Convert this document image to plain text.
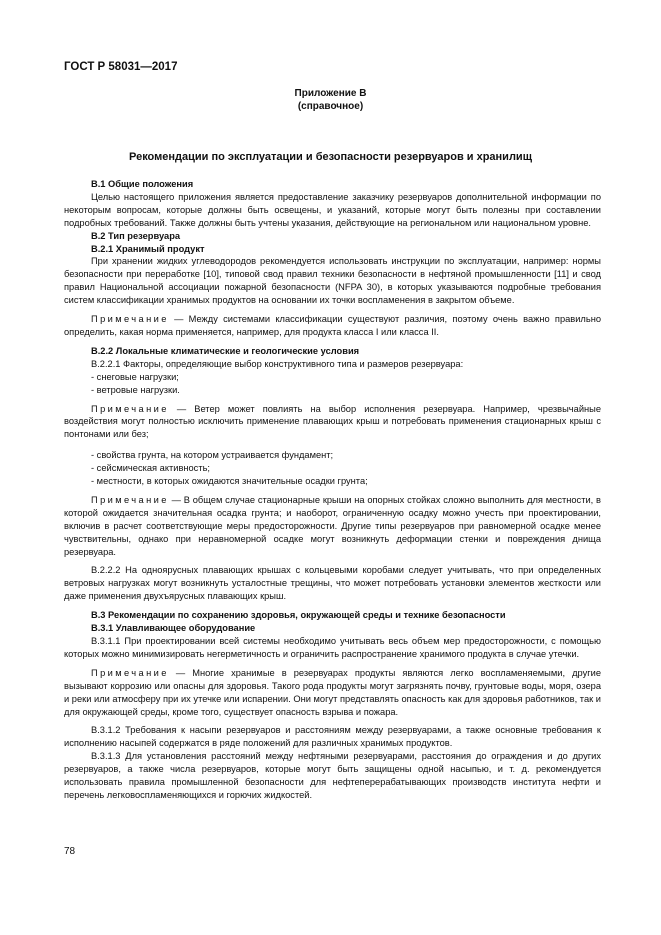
ГОСТ Р 58031—2017
Приложение В
(справочное)
Рекомендации по эксплуатации и безопасности резервуаров и хранилищ
В.1 Общие положения

Целью настоящего приложения является предоставление заказчику резервуаров дополнительной информации по некоторым вопросам, которые должны быть освещены, и указаний, которые могут быть полезны при составлении подробных требований. Также должны быть учтены указания, действующие на региональном или национальном уровне.

В.2 Тип резервуара
В.2.1 Хранимый продукт

При хранении жидких углеводородов рекомендуется использовать инструкции по эксплуатации, например: нормы безопасности при переработке [10], типовой свод правил техники безопасности в нефтяной промышленности [11] и свод правил Национальной ассоциации пожарной безопасности (NFPA 30), в которых указываются подробные требования систем классификации хранимых продуктов на основании их точки воспламенения в закрытом объеме.

Примечание — Между системами классификации существуют различия, поэтому очень важно правильно определить, какая норма применяется, например, для продукта класса I или класса II.

В.2.2 Локальные климатические и геологические условия

В.2.2.1 Факторы, определяющие выбор конструктивного типа и размеров резервуара:

- снеговые нагрузки;
- ветровые нагрузки.

Примечание — Ветер может повлиять на выбор исполнения резервуара. Например, чрезвычайные воздействия могут полностью исключить применение плавающих крыш и потребовать применения стационарных крыш с понтонами или без;

- свойства грунта, на котором устраивается фундамент;
- сейсмическая активность;
- местности, в которых ожидаются значительные осадки грунта;

Примечание — В общем случае стационарные крыши на опорных стойках сложно выполнить для местности, в которой ожидается значительная осадка грунта; и наоборот, ограниченную осадку можно учесть при проектировании, включив в расчет соответствующие меры предосторожности. Другие типы резервуаров при равномерной осадке менее чувствительны, однако при неравномерной осадке могут возникнуть деформации стенки и повреждения днища резервуара.

В.2.2.2 На одноярусных плавающих крышах с кольцевыми коробами следует учитывать, что при определенных ветровых нагрузках могут возникнуть усталостные трещины, что может потребовать установки элементов жесткости или даже применения двухъярусных плавающих крыш.

В.3 Рекомендации по сохранению здоровья, окружающей среды и технике безопасности
В.3.1 Улавливающее оборудование

В.3.1.1 При проектировании всей системы необходимо учитывать весь объем мер предосторожности, с помощью которых можно минимизировать негерметичность и ограничить распространение хранимого продукта в случае утечки.

Примечание — Многие хранимые в резервуарах продукты являются легко воспламеняемыми, другие вызывают коррозию или опасны для здоровья. Такого рода продукты могут загрязнять почву, грунтовые воды, моря, озера и реки или атмосферу при их утечке или испарении. Они могут представлять опасность как для здоровья работников, так и для окружающей среды, кроме того, существует опасность взрыва и пожара.

В.3.1.2 Требования к насыпи резервуаров и расстояниям между резервуарами, а также основные требования к исполнению насыпей содержатся в ряде положений для различных хранимых продуктов.

В.3.1.3 Для установления расстояний между нефтяными резервуарами, расстояния до ограждения и до других резервуаров, а также числа резервуаров, которые могут быть защищены одной насыпью, и т. д. рекомендуется использовать правила промышленной безопасности для нефтеперерабатывающих производств института нефти и перечень легковоспламеняющихся и горючих жидкостей.

78
